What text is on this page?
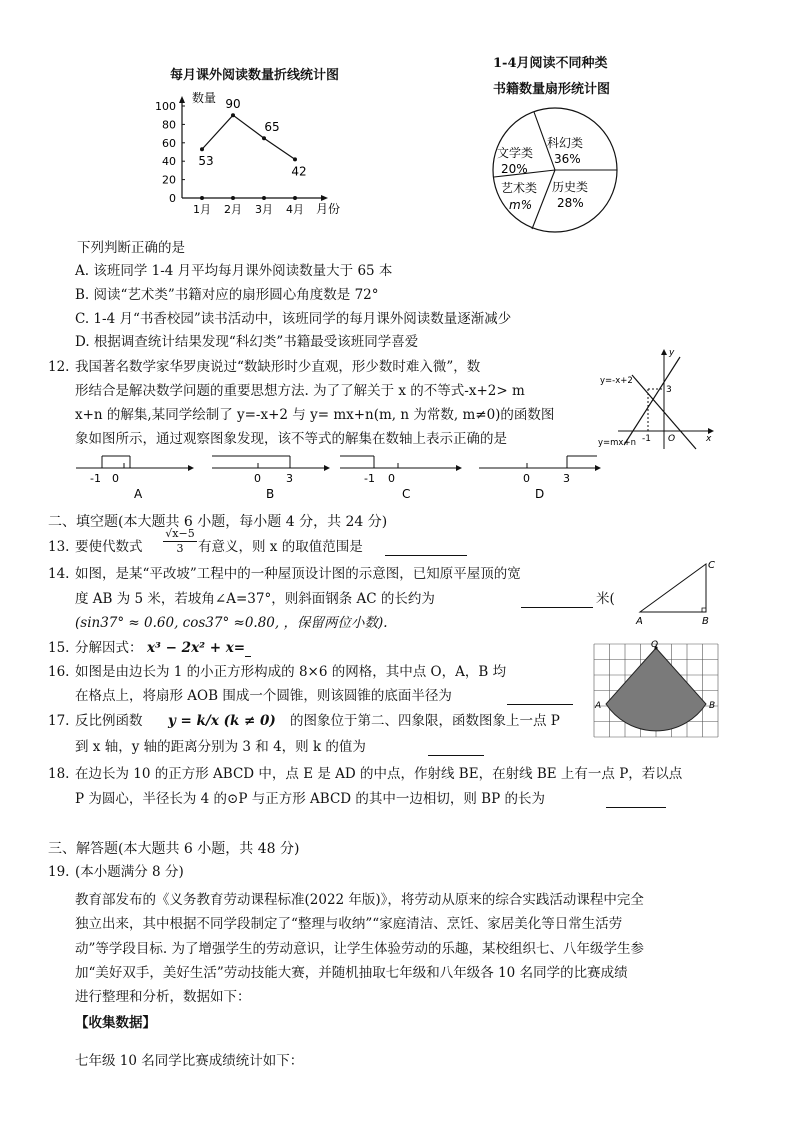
每月课外阅读数量折线统计图
数量
0
20
40
60
80
100
1月 2月 3月 4月
53
90
65
42
月份
1-4月阅读不同种类
书籍数量扇形统计图
科幻类
36%
历史类
28%
艺术类
m%
文学类
20%
下列判断正确的是
A. 该班同学 1-4 月平均每月课外阅读数量大于 65 本
B. 阅读“艺术类”书籍对应的扇形圆心角度数是 72°
C. 1-4 月“书香校园”读书活动中，该班同学的每月课外阅读数量逐渐减少
D. 根据调查统计结果发现“科幻类”书籍最受该班同学喜爱
12. 我国著名数学家华罗庚说过“数缺形时少直观，形少数时难入微”，数
形结合是解决数学问题的重要思想方法. 为了了解关于 x 的不等式-x+2> m
x+n 的解集,某同学绘制了 y=-x+2 与 y= mx+n(m, n 为常数, m≠0)的函数图
象如图所示，通过观察图象发现，该不等式的解集在数轴上表示正确的是
y=-x+2
y=mx+n
3
-1 O	x
y
-1 0
A
0 3
B
-1 0
C
0	3
D
二、填空题(本大题共 6 小题，每小题 4 分，共 24 分)
13. 要使代数式 $\frac{√x-5}{3}$ 有意义，则 x 的取值范围是
14. 如图，是某“平改坡”工程中的一种屋顶设计图的示意图，已知原平屋顶的宽
度 AB 为 5 米，若坡角∠A=37°，则斜面钢条 AC 的长约为	米(
(sin37° ≈ 0.60, cos37° ≈0.80, ，保留两位小数).	A	B
C
15. 分解因式： x³ − 2x² + x=
16. 如图是由边长为 1 的小正方形构成的 8×6 的网格，其中点 O，A，B 均
在格点上，将扇形 AOB 围成一个圆锥，则该圆锥的底面半径为
O
A	B
17. 反比例函数 y = k/x (k ≠ 0) 的图象位于第二、四象限，函数图象上一点 P
到 x 轴，y 轴的距离分别为 3 和 4，则 k 的值为
18. 在边长为 10 的正方形 ABCD 中，点 E 是 AD 的中点，作射线 BE，在射线 BE 上有一点 P，若以点
P 为圆心，半径长为 4 的⊙P 与正方形 ABCD 的其中一边相切，则 BP 的长为
三、解答题(本大题共 6 小题，共 48 分)
19. (本小题满分 8 分)
教育部发布的《义务教育劳动课程标准(2022 年版)》，将劳动从原来的综合实践活动课程中完全
独立出来，其中根据不同学段制定了“整理与收纳”“家庭清洁、烹饪、家居美化等日常生活劳
动”等学段目标. 为了增强学生的劳动意识，让学生体验劳动的乐趣，某校组织七、八年级学生参
加“美好双手，美好生活”劳动技能大赛，并随机抽取七年级和八年级各 10 名同学的比赛成绩
进行整理和分析，数据如下：
【收集数据】
七年级 10 名同学比赛成绩统计如下：
